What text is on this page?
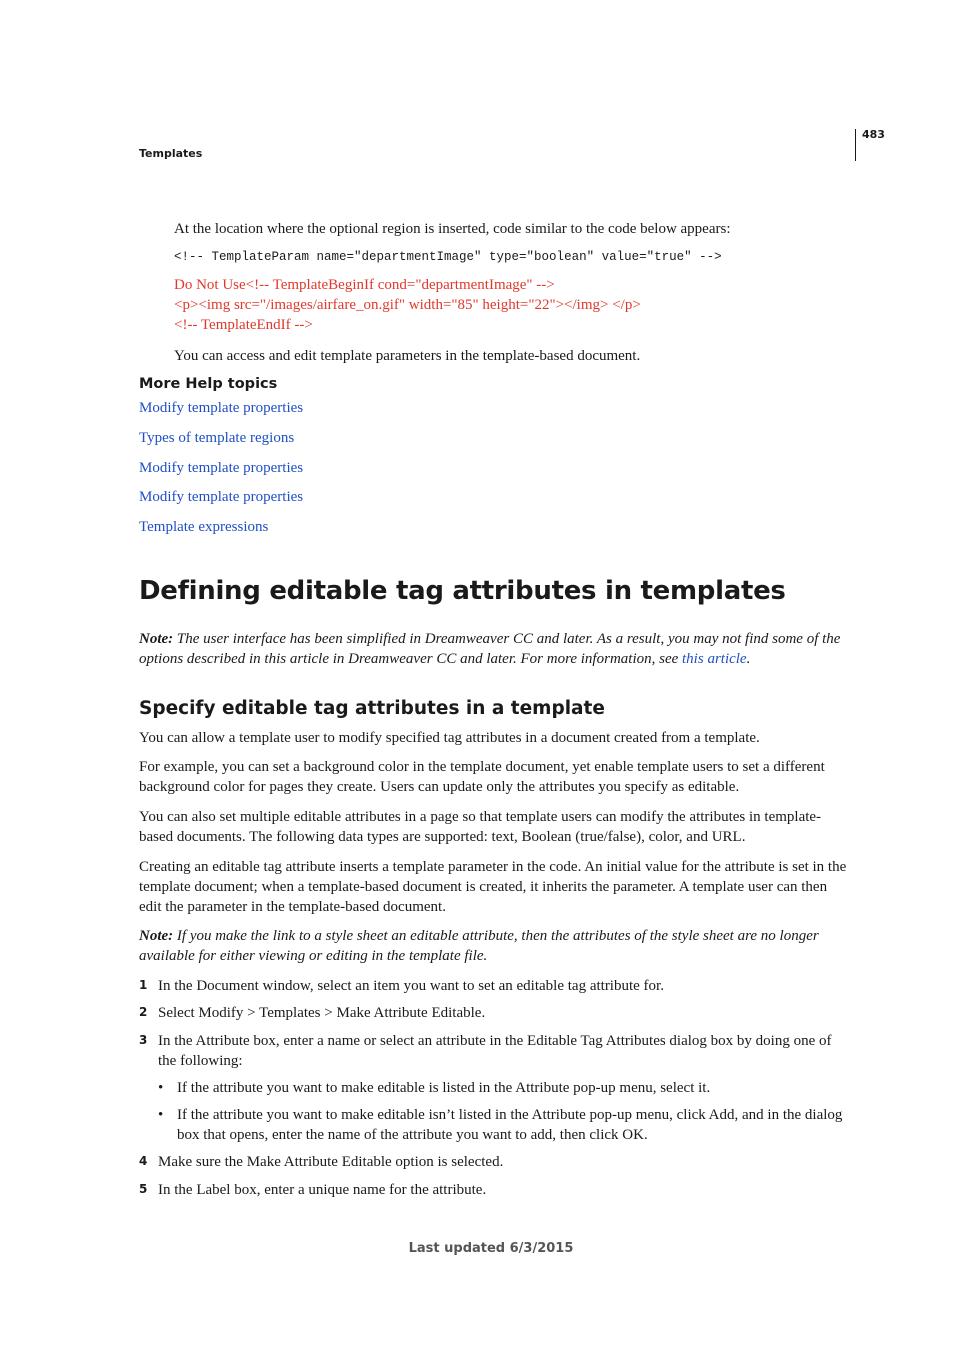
483
Templates
At the location where the optional region is inserted, code similar to the code below appears:
<!-- TemplateParam name="departmentImage" type="boolean" value="true" -->
Do Not Use<!-- TemplateBeginIf cond="departmentImage" -->
<p><img src="/images/airfare_on.gif" width="85" height="22"></img> </p>
<!-- TemplateEndIf -->
You can access and edit template parameters in the template-based document.
More Help topics
Modify template properties
Types of template regions
Modify template properties
Modify template properties
Template expressions
Defining editable tag attributes in templates
Note: The user interface has been simplified in Dreamweaver CC and later. As a result, you may not find some of the options described in this article in Dreamweaver CC and later. For more information, see this article.
Specify editable tag attributes in a template
You can allow a template user to modify specified tag attributes in a document created from a template.
For example, you can set a background color in the template document, yet enable template users to set a different background color for pages they create. Users can update only the attributes you specify as editable.
You can also set multiple editable attributes in a page so that template users can modify the attributes in template-based documents. The following data types are supported: text, Boolean (true/false), color, and URL.
Creating an editable tag attribute inserts a template parameter in the code. An initial value for the attribute is set in the template document; when a template-based document is created, it inherits the parameter. A template user can then edit the parameter in the template-based document.
Note: If you make the link to a style sheet an editable attribute, then the attributes of the style sheet are no longer available for either viewing or editing in the template file.
1 In the Document window, select an item you want to set an editable tag attribute for.
2 Select Modify > Templates > Make Attribute Editable.
3 In the Attribute box, enter a name or select an attribute in the Editable Tag Attributes dialog box by doing one of the following:
• If the attribute you want to make editable is listed in the Attribute pop-up menu, select it.
• If the attribute you want to make editable isn’t listed in the Attribute pop-up menu, click Add, and in the dialog box that opens, enter the name of the attribute you want to add, then click OK.
4 Make sure the Make Attribute Editable option is selected.
5 In the Label box, enter a unique name for the attribute.
Last updated 6/3/2015
